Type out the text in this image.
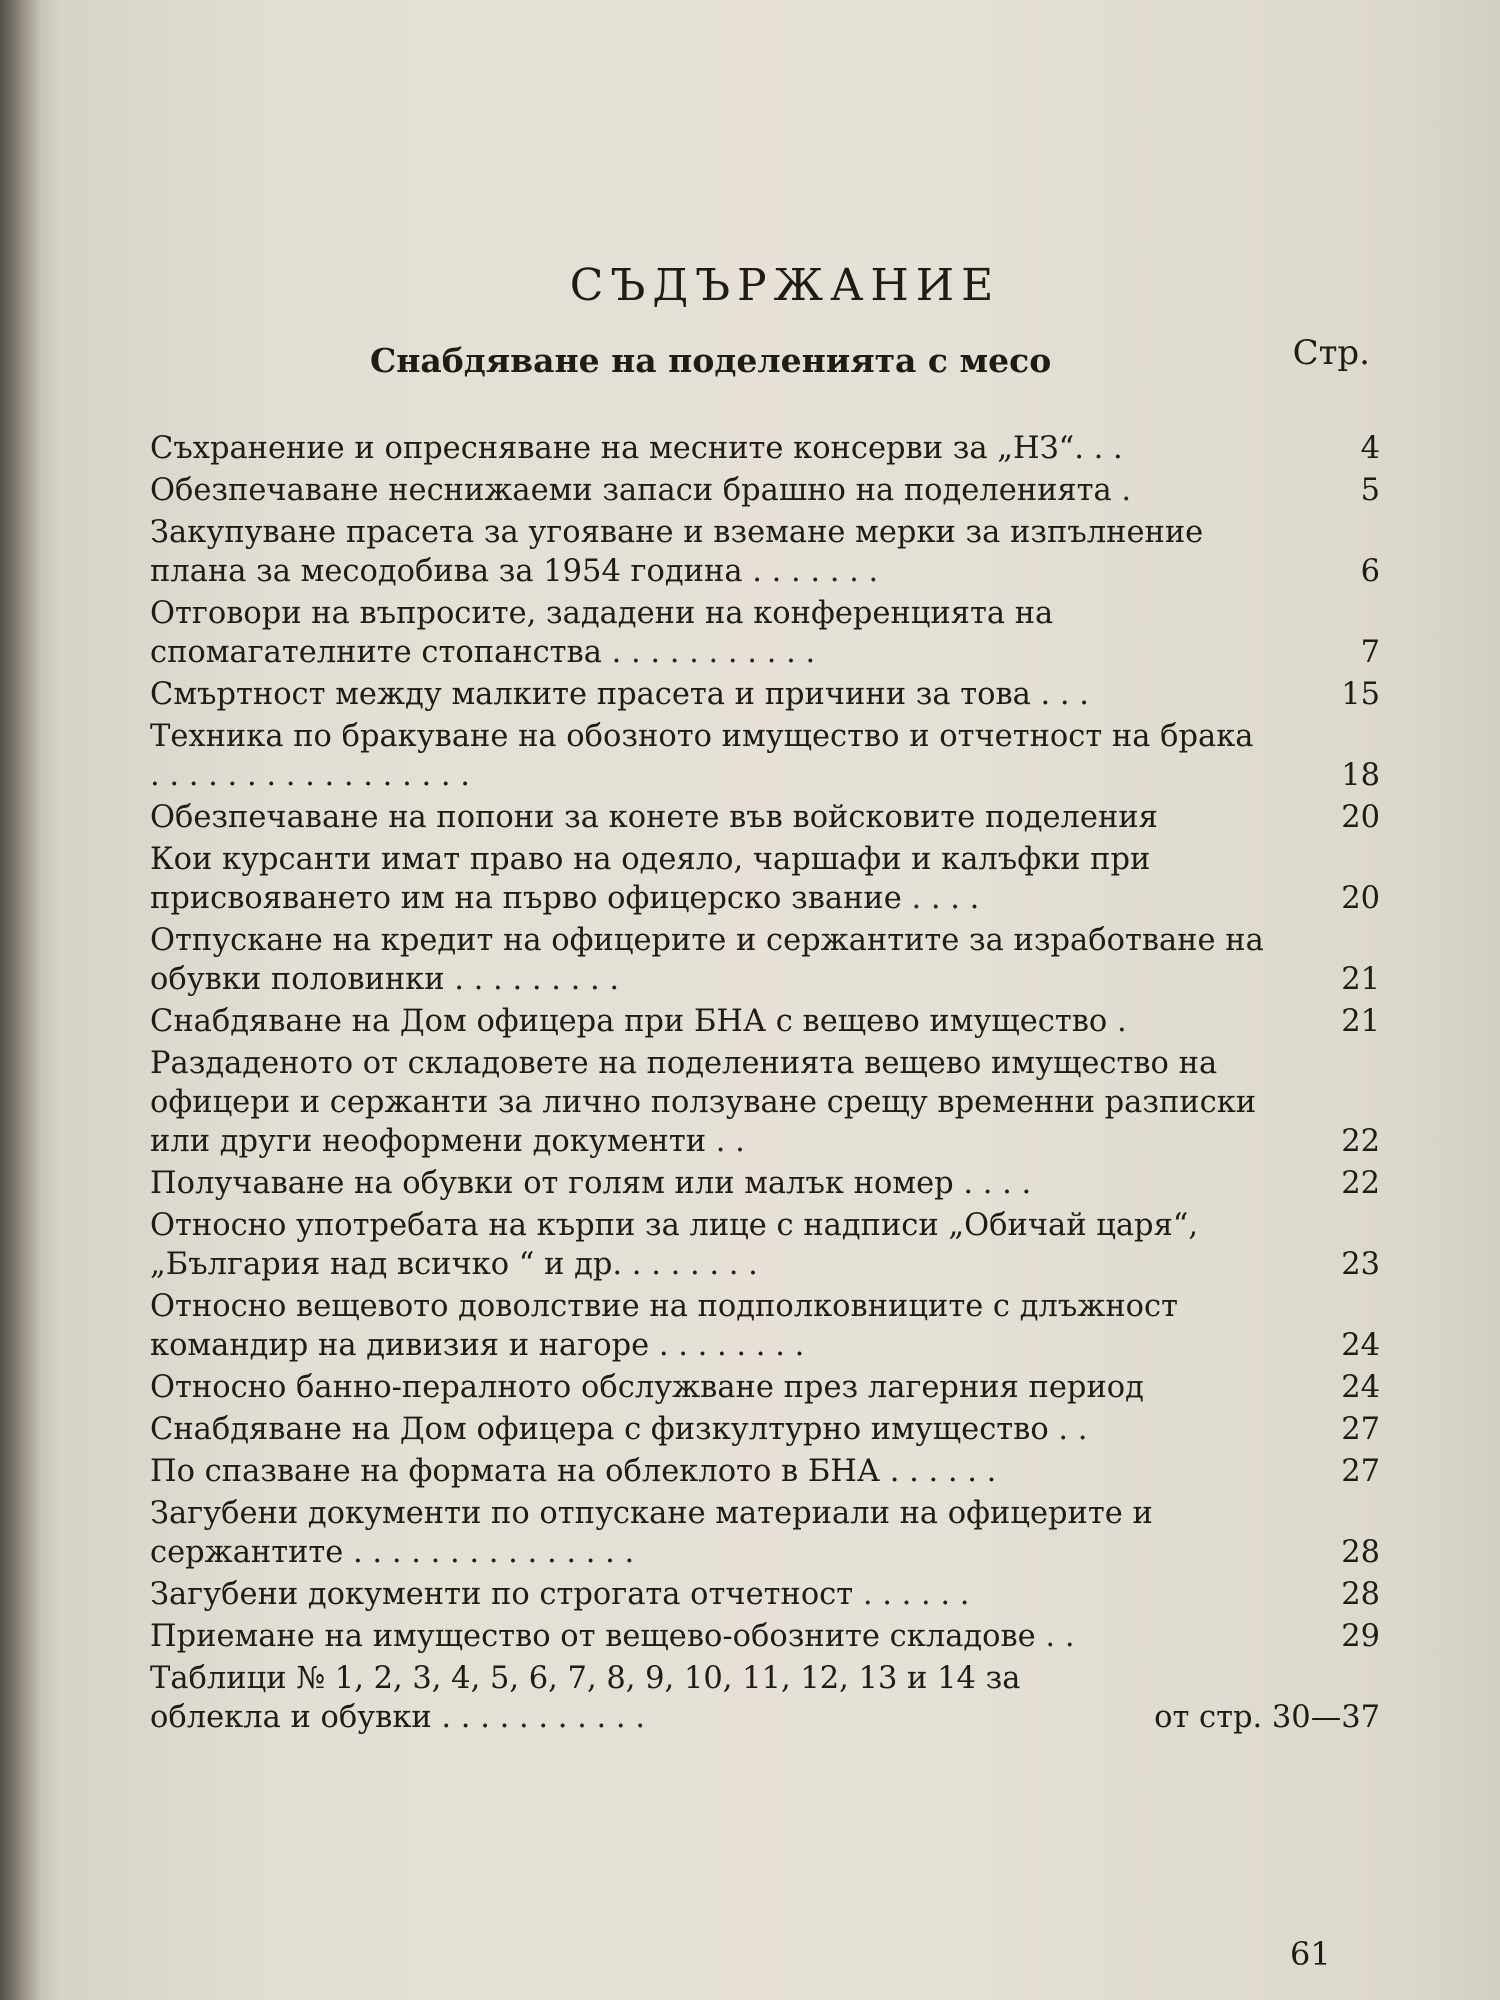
СЪДЪРЖАНИЕ
Снабдяване на поделенията с месо	Стр.
Съхранение и опресняване на месните консерви за „НЗ“. . .	4
Обезпечаване неснижаеми запаси брашно на поделенията .	5
Закупуване прасета за угояване и вземане мерки за изпълнение плана за месодобива за 1954 година . . . . . . .	6
Отговори на въпросите, зададени на конференцията на спомагателните стопанства . . . . . . . . . . .	7
Смъртност между малките прасета и причини за това . . .	15
Техника по бракуване на обозното имущество и отчетност на брака . . . . . . . . . . . . . . . . .	18
Обезпечаване на попони за конете във войсковите поделения	20
Кои курсанти имат право на одеяло, чаршафи и калъфки при присвояването им на първо офицерско звание . . . .	20
Отпускане на кредит на офицерите и сержантите за изработване на обувки половинки . . . . . . . . .	21
Снабдяване на Дом офицера при БНА с вещево имущество .	21
Раздаденото от складовете на поделенията вещево имущество на офицери и сержанти за лично ползуване срещу временни разписки или други неоформени документи . .	22
Получаване на обувки от голям или малък номер . . . .	22
Относно употребата на кърпи за лице с надписи „Обичай царя“, „България над всичко “ и др. . . . . . . .	23
Относно вещевото доволствие на подполковниците с длъжност командир на дивизия и нагоре . . . . . . . .	24
Относно банно-пералното обслужване през лагерния период	24
Снабдяване на Дом офицера с физкултурно имущество . .	27
По спазване на формата на облеклото в БНА . . . . . .	27
Загубени документи по отпускане материали на офицерите и сержантите . . . . . . . . . . . . . . .	28
Загубени документи по строгата отчетност . . . . . .	28
Приемане на имущество от вещево-обозните складове . .	29
Таблици № 1, 2, 3, 4, 5, 6, 7, 8, 9, 10, 11, 12, 13 и 14 за облекла и обувки . . . . . . . . . . .	от стр. 30—37
61
